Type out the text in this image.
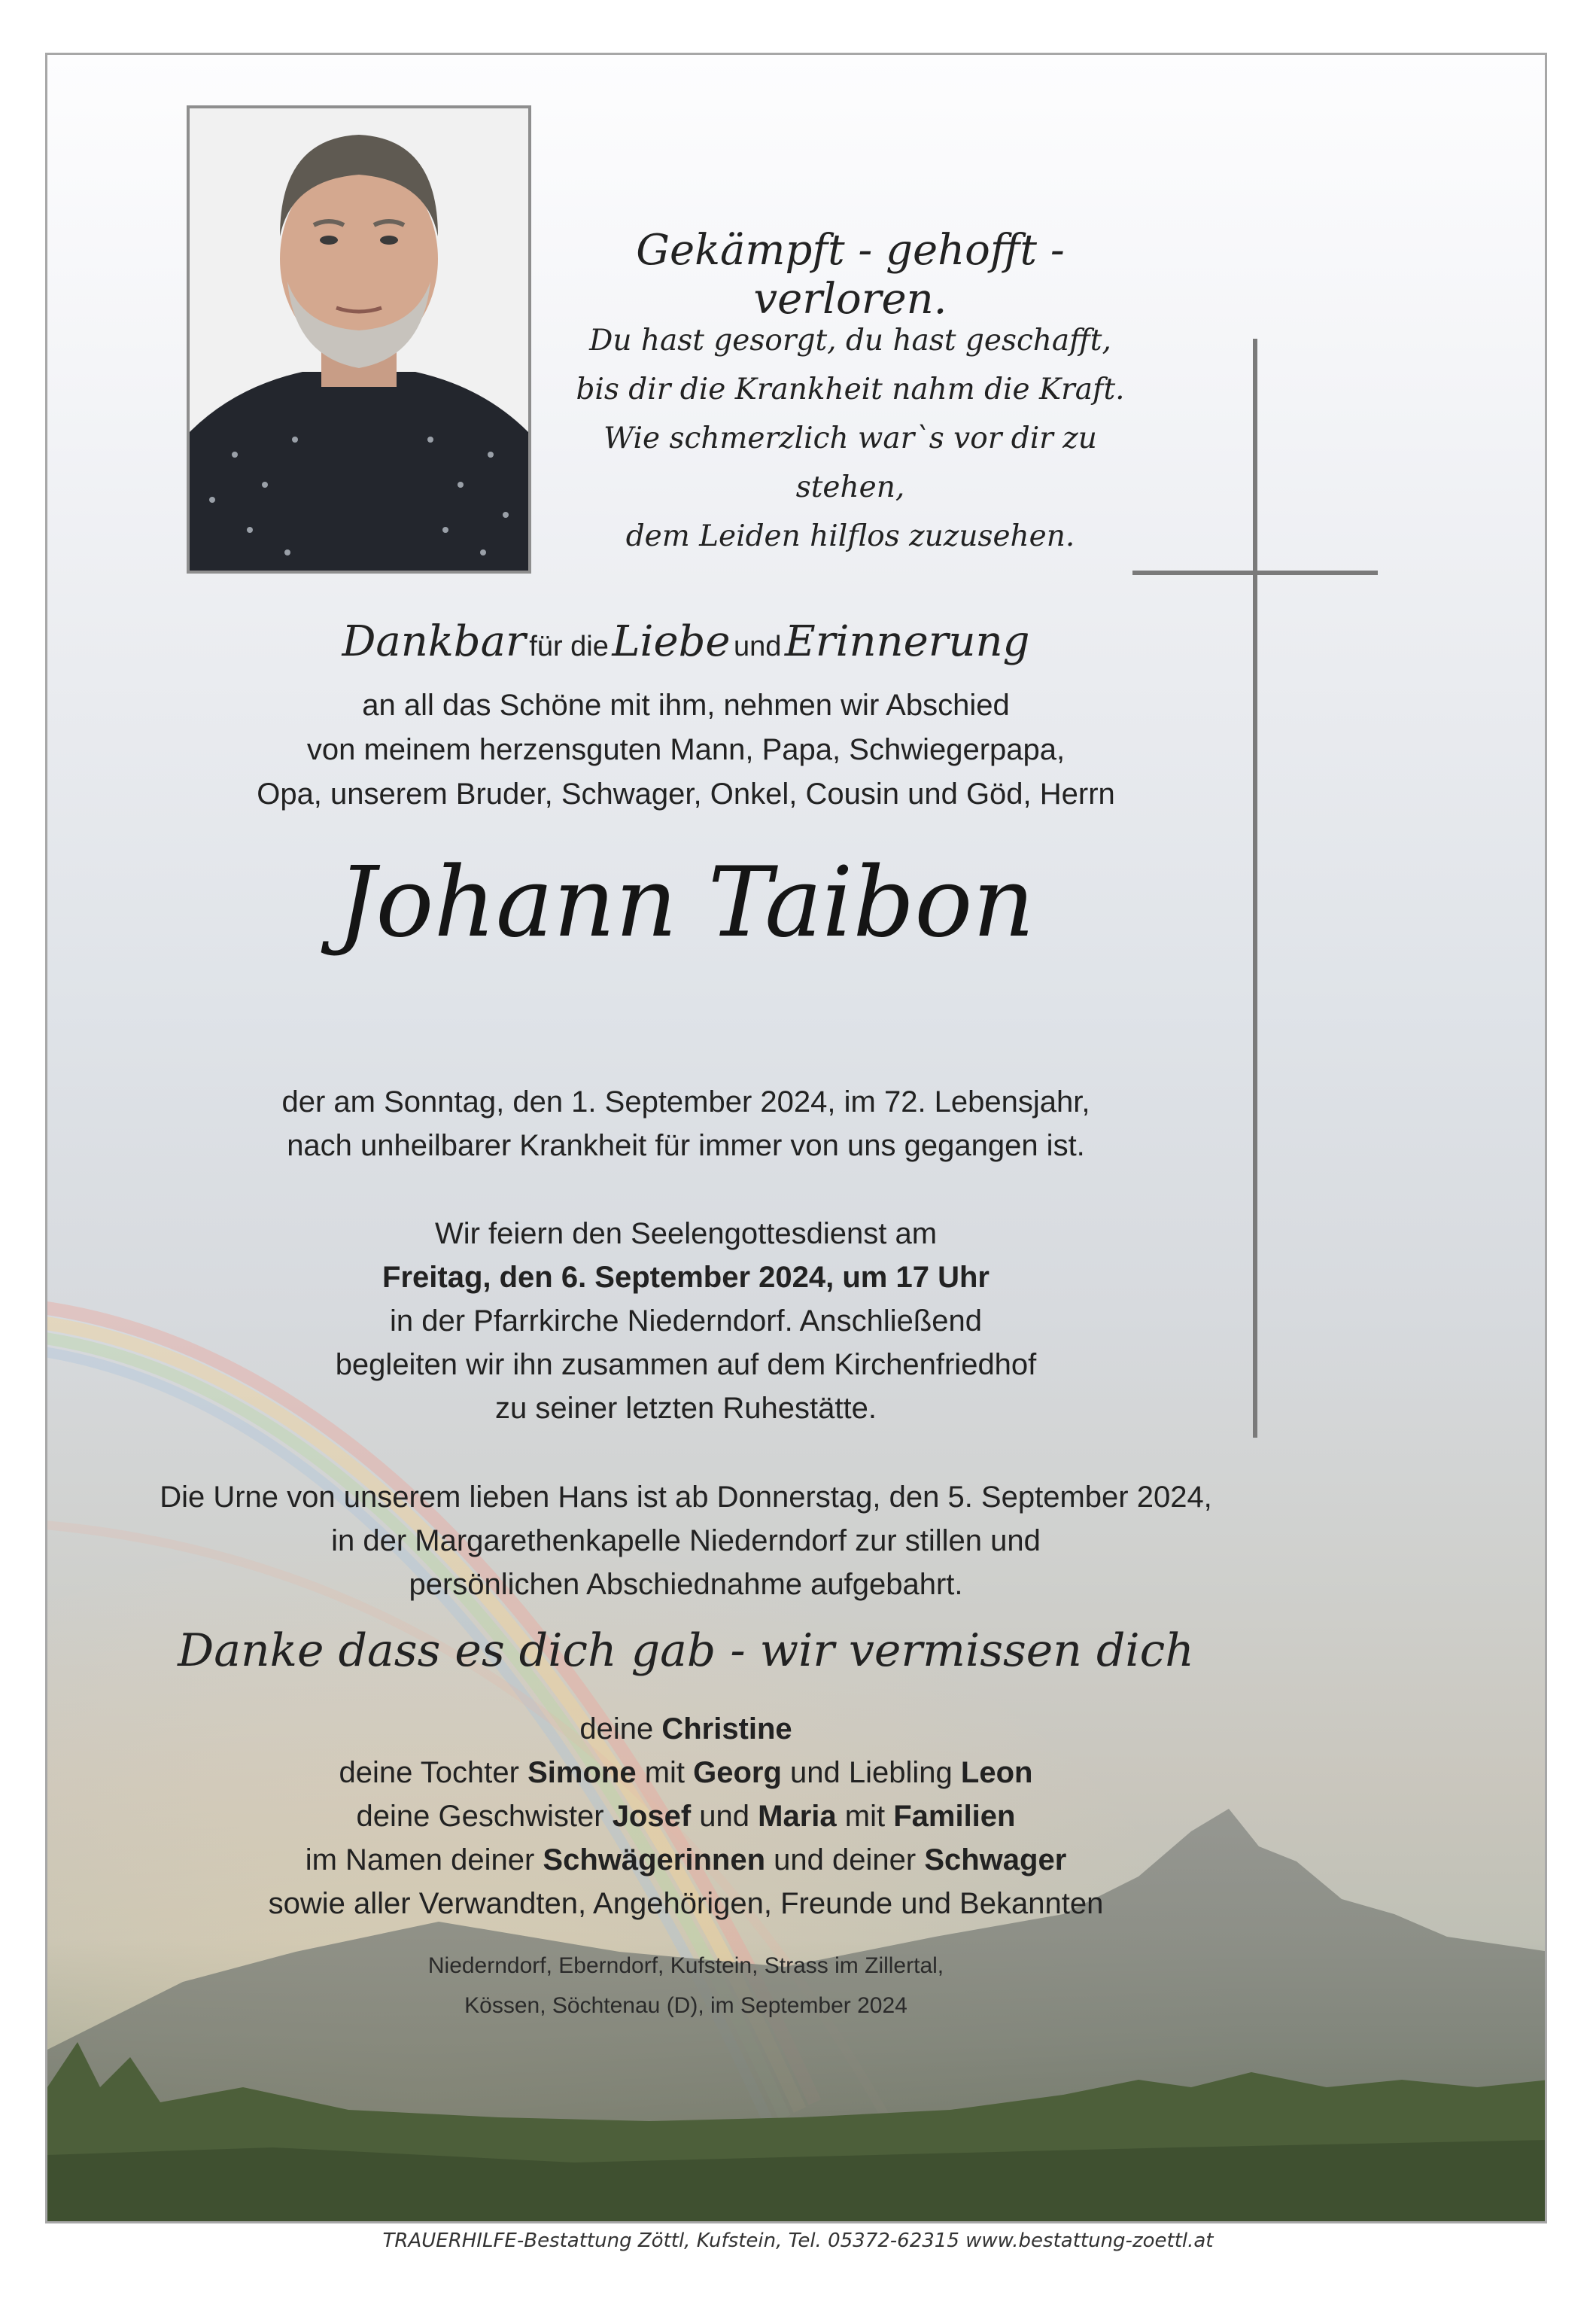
Gekämpft - gehofft - verloren.
Du hast gesorgt, du hast geschafft,
bis dir die Krankheit nahm die Kraft.
Wie schmerzlich war`s vor dir zu stehen,
dem Leiden hilflos zuzusehen.
Dankbar für die Liebe und Erinnerung
an all das Schöne mit ihm, nehmen wir Abschied
von meinem herzensguten Mann, Papa, Schwiegerpapa,
Opa, unserem Bruder, Schwager, Onkel, Cousin und Göd, Herrn
Johann Taibon
der am Sonntag, den 1. September 2024, im 72. Lebensjahr,
nach unheilbarer Krankheit für immer von uns gegangen ist.
Wir feiern den Seelengottesdienst am
Freitag, den 6. September 2024, um 17 Uhr
in der Pfarrkirche Niederndorf. Anschließend
begleiten wir ihn zusammen auf dem Kirchenfriedhof
zu seiner letzten Ruhestätte.
Die Urne von unserem lieben Hans ist ab Donnerstag, den 5. September 2024,
in der Margarethenkapelle Niederndorf zur stillen und
persönlichen Abschiednahme aufgebahrt.
Danke dass es dich gab - wir vermissen dich
deine Christine
deine Tochter Simone mit Georg und Liebling Leon
deine Geschwister Josef und Maria mit Familien
im Namen deiner Schwägerinnen und deiner Schwager
sowie aller Verwandten, Angehörigen, Freunde und Bekannten
Niederndorf, Eberndorf, Kufstein, Strass im Zillertal,
Kössen, Söchtenau (D), im September 2024
TRAUERHILFE-Bestattung Zöttl, Kufstein, Tel. 05372-62315 www.bestattung-zoettl.at
